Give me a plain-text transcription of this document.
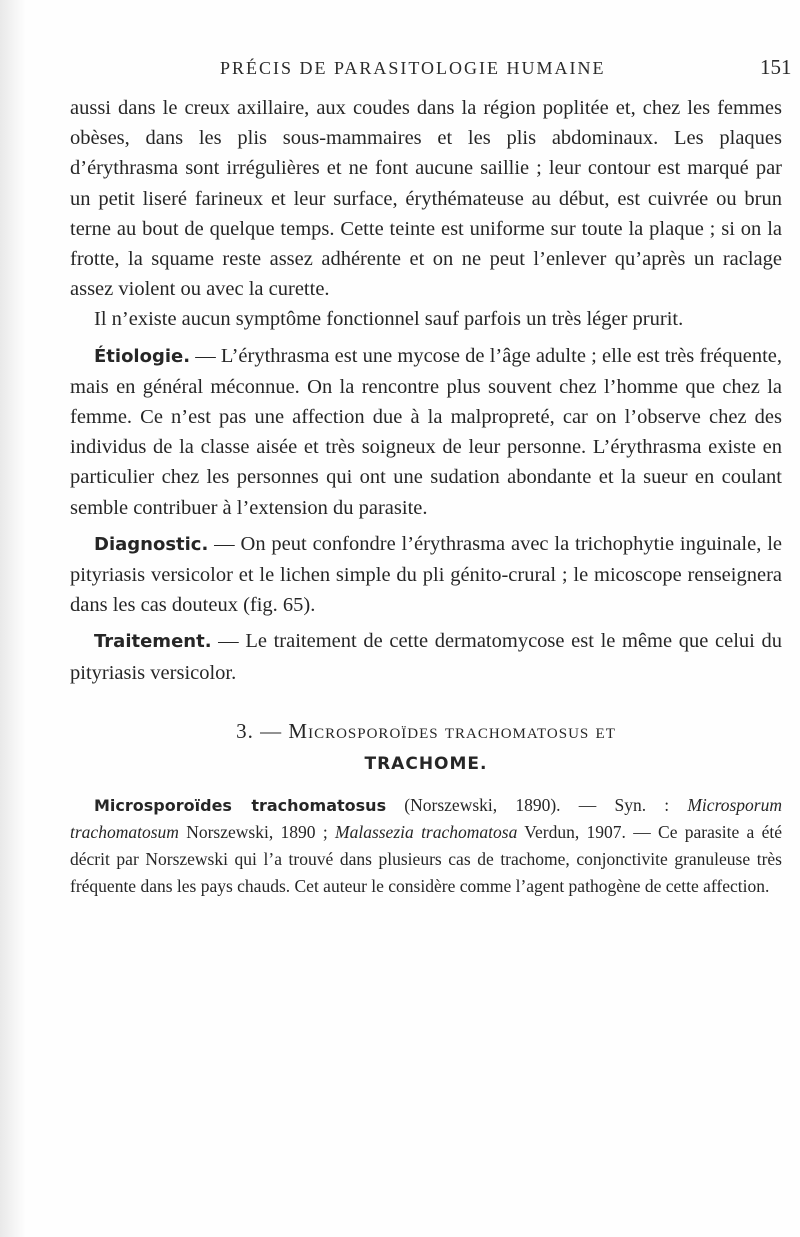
PRÉCIS DE PARASITOLOGIE HUMAINE	151

aussi dans le creux axillaire, aux coudes dans la région poplitée et, chez les femmes obèses, dans les plis sous-mammaires et les plis abdominaux. Les plaques d’érythrasma sont irrégulières et ne font aucune saillie ; leur contour est marqué par un petit liseré farineux et leur surface, érythémateuse au début, est cuivrée ou brun terne au bout de quelque temps. Cette teinte est uniforme sur toute la plaque ; si on la frotte, la squame reste assez adhérente et on ne peut l’enlever qu’après un raclage assez violent ou avec la curette.

Il n’existe aucun symptôme fonctionnel sauf parfois un très léger prurit.

Étiologie. — L’érythrasma est une mycose de l’âge adulte ; elle est très fréquente, mais en général méconnue. On la rencontre plus souvent chez l’homme que chez la femme. Ce n’est pas une affection due à la malpropreté, car on l’observe chez des individus de la classe aisée et très soigneux de leur personne. L’érythrasma existe en particulier chez les personnes qui ont une sudation abondante et la sueur en coulant semble contribuer à l’extension du parasite.

Diagnostic. — On peut confondre l’érythrasma avec la trichophytie inguinale, le pityriasis versicolor et le lichen simple du pli génito-crural ; le micoscope renseignera dans les cas douteux (fig. 65).

Traitement. — Le traitement de cette dermatomycose est le même que celui du pityriasis versicolor.

3. — Microsporoïdes trachomatosus et
TRACHOME.

Microsporoïdes trachomatosus (Norszewski, 1890). — Syn. : Microsporum trachomatosum Norszewski, 1890 ; Malassezia trachomatosa Verdun, 1907. — Ce parasite a été décrit par Norszewski qui l’a trouvé dans plusieurs cas de trachome, conjonctivite granuleuse très fréquente dans les pays chauds. Cet auteur le considère comme l’agent pathogène de cette affection.
